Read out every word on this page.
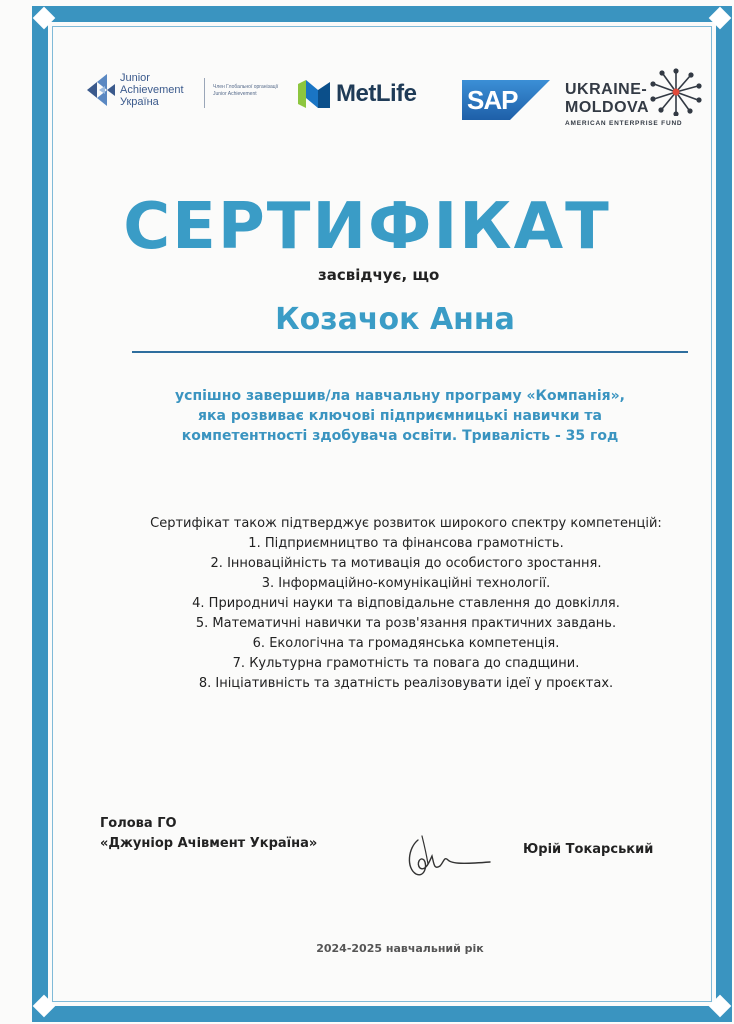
Junior
Achievement
Україна
Член Глобальної організації Junior Achievement	MetLife SAP	UKRAINE-
MOLDOVA
AMERICAN ENTERPRISE FUND
СЕРТИФІКАТ
засвідчує, що
Козачок Анна
успішно завершив/ла навчальну програму «Компанія»,
яка розвиває ключові підприємницькі навички та
компетентності здобувача освіти. Тривалість - 35 год
Сертифікат також підтверджує розвиток широкого спектру компетенцій:
1. Підприємництво та фінансова грамотність.
2. Інноваційність та мотивація до особистого зростання.
3. Інформаційно-комунікаційні технології.
4. Природничі науки та відповідальне ставлення до довкілля.
5. Математичні навички та розв'язання практичних завдань.
6. Екологічна та громадянська компетенція.
7. Культурна грамотність та повага до спадщини.
8. Ініціативність та здатність реалізовувати ідеї у проєктах.
Голова ГО
«Джуніор Ачівмент Україна»	Юрій Токарський
2024-2025 навчальний рік
